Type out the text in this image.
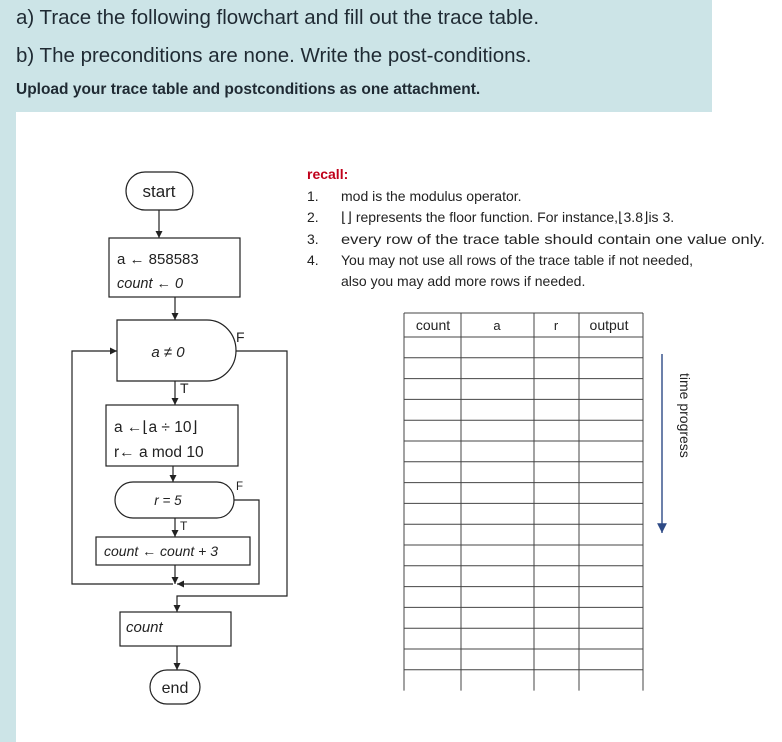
a) Trace the following flowchart and fill out the trace table.
b) The preconditions are none. Write the post-conditions.
Upload your trace table and postconditions as one attachment.
start
a ← 858583
count ← 0
a ≠ 0
F
T
a ←⌊a ÷ 10⌋
r← a mod 10
r = 5
F
T
count ← count + 3
count
end
recall:
1. mod is the modulus operator.
2. ⌊⌋ represents the floor function. For instance,⌊3.8⌋is 3.
3. every row of the trace table should contain one value only.
4. You may not use all rows of the trace table if not needed,
also you may add more rows if needed.
count	a	r output
time progress
